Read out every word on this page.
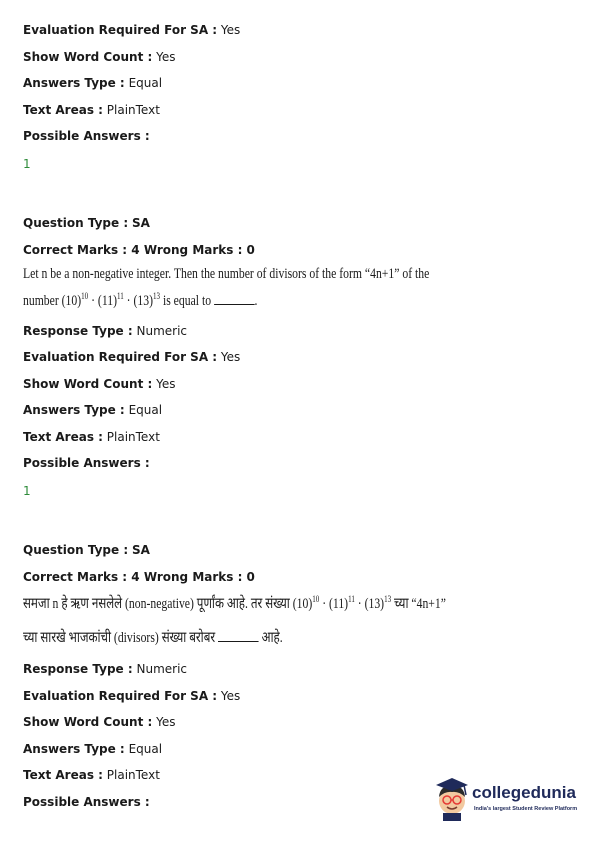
Evaluation Required For SA : Yes
Show Word Count : Yes
Answers Type : Equal
Text Areas : PlainText
Possible Answers :
1
Question Type : SA
Correct Marks : 4 Wrong Marks : 0
Let n be a non-negative integer. Then the number of divisors of the form “4n+1” of the
number $(10)^{10} \cdot (11)^{11} \cdot (13)^{13}$ is equal to	.
Response Type : Numeric
Evaluation Required For SA : Yes
Show Word Count : Yes
Answers Type : Equal
Text Areas : PlainText
Possible Answers :
1
Question Type : SA
Correct Marks : 4 Wrong Marks : 0
समजा n हे ऋण नसलेले (non-negative) पूर्णांक आहे. तर संख्या $(10)^{10} \cdot (11)^{11} \cdot (13)^{13}$ च्या “4n+1”
च्या सारखे भाजकांची (divisors) संख्या बरोबर	आहे.
Response Type : Numeric
Evaluation Required For SA : Yes
Show Word Count : Yes
Answers Type : Equal
Text Areas : PlainText
Possible Answers :	collegedunia
India's largest Student Review Platform
